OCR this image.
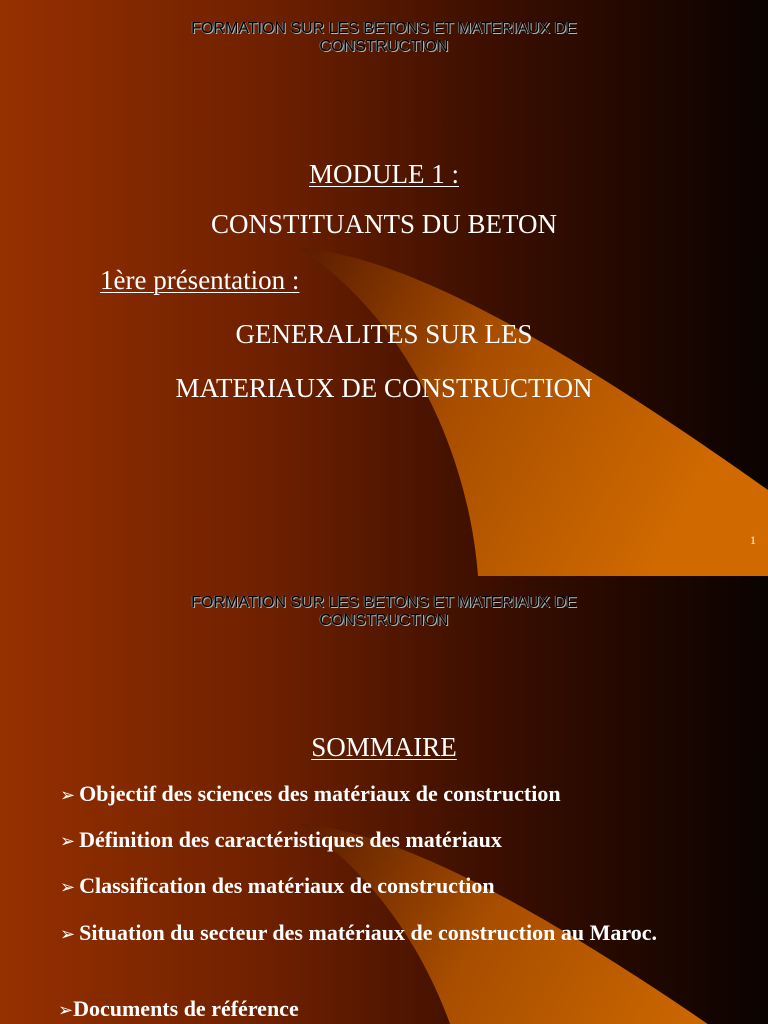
FORMATION SUR LES BETONS ET MATERIAUX DE
CONSTRUCTION
MODULE 1 :
CONSTITUANTS DU BETON
1ère présentation :
GENERALITES SUR LES
MATERIAUX DE CONSTRUCTION
1
FORMATION SUR LES BETONS ET MATERIAUX DE
CONSTRUCTION
SOMMAIRE
➢ Objectif des sciences des matériaux de construction
➢ Définition des caractéristiques des matériaux
➢ Classification des matériaux de construction
➢ Situation du secteur des matériaux de construction au Maroc.
➢Documents de référence
